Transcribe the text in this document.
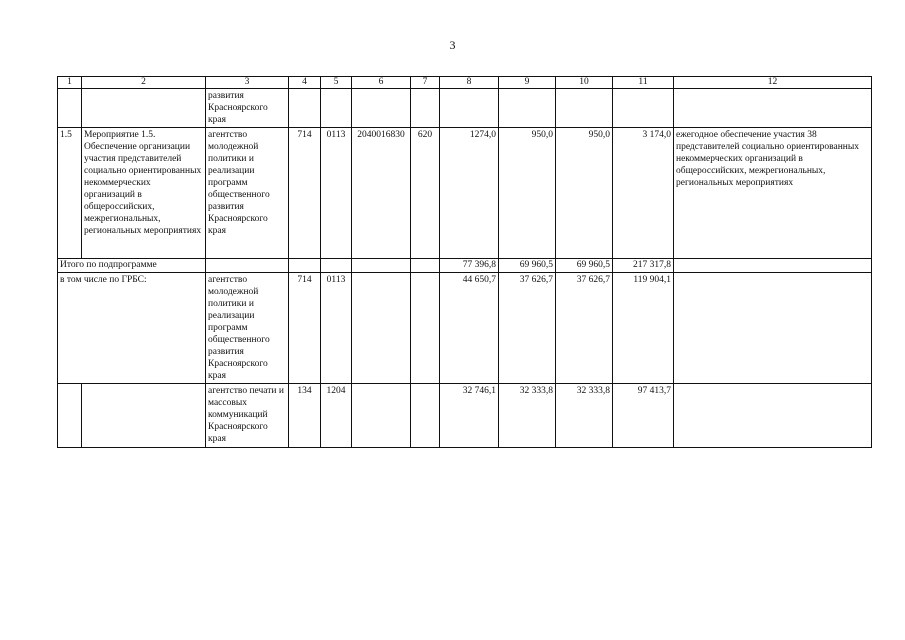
3
1	2	3	4	5	6	7	8	9	10	11	12
		развития Красноярского края									
1.5	Мероприятие 1.5. Обеспечение организации участия представителей социально ориентированных некоммерческих организаций в общероссийских, межрегиональных, региональных мероприятиях	агентство молодежной политики и реализации программ общественного развития Красноярского края	714	0113	2040016830	620	1274,0	950,0	950,0	3 174,0	ежегодное обеспечение участия 38 представителей социально ориентированных некоммерческих организаций в общероссийских, межрегиональных, региональных мероприятиях
Итого по подпрограмме							77 396,8	69 960,5	69 960,5	217 317,8	
в том числе по ГРБС:		агентство молодежной политики и реализации программ общественного развития Красноярского края	714	0113			44 650,7	37 626,7	37 626,7	119 904,1	
		агентство печати и массовых коммуникаций Красноярского края	134	1204			32 746,1	32 333,8	32 333,8	97 413,7	
